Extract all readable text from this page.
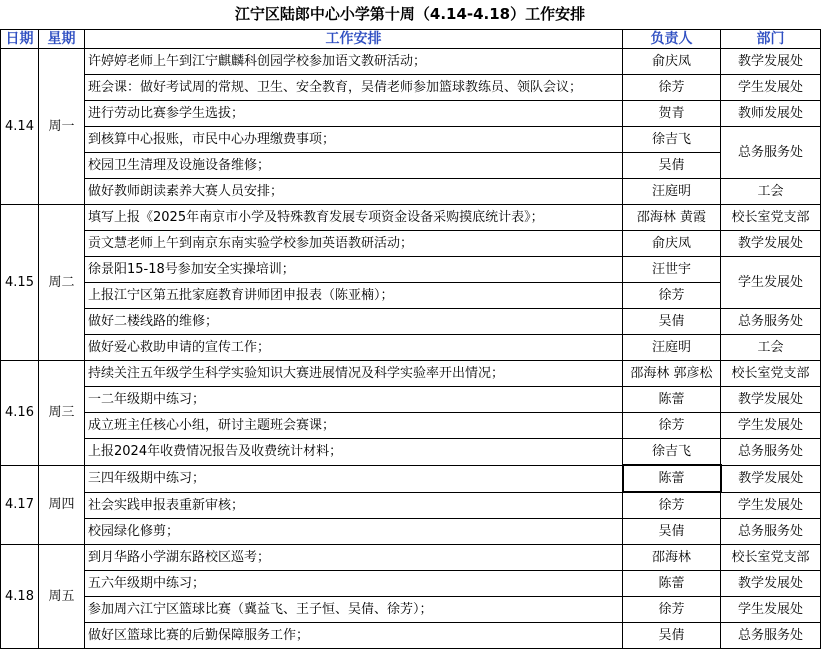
江宁区陆郎中心小学第十周（4.14-4.18）工作安排
日期	星期	工作安排	负责人	部门
4.14	周一	许婷婷老师上午到江宁麒麟科创园学校参加语文教研活动；	俞庆凤	教学发展处
		班会课：做好考试周的常规、卫生、安全教育，吴倩老师参加篮球教练员、领队会议；	徐芳	学生发展处
		进行劳动比赛参学生选拔；	贺青	教师发展处
		到核算中心报账，市民中心办理缴费事项；	徐吉飞	总务服务处
		校园卫生清理及设施设备维修；	吴倩	
		做好教师朗读素养大赛人员安排；	汪庭明	工会
4.15	周二	填写上报《2025年南京市小学及特殊教育发展专项资金设备采购摸底统计表》；	邵海林 黄霞	校长室党支部
		贡文慧老师上午到南京东南实验学校参加英语教研活动；	俞庆凤	教学发展处
		徐景阳15-18号参加安全实操培训；	汪世宇	学生发展处
		上报江宁区第五批家庭教育讲师团申报表（陈亚楠）；	徐芳	
		做好二楼线路的维修；	吴倩	总务服务处
		做好爱心救助申请的宣传工作；	汪庭明	工会
4.16	周三	持续关注五年级学生科学实验知识大赛进展情况及科学实验率开出情况；	邵海林 郭彦松	校长室党支部
		一二年级期中练习；	陈蕾	教学发展处
		成立班主任核心小组，研讨主题班会赛课；	徐芳	学生发展处
		上报2024年收费情况报告及收费统计材料；	徐吉飞	总务服务处
4.17	周四	三四年级期中练习；	陈蕾	教学发展处
		社会实践申报表重新审核；	徐芳	学生发展处
		校园绿化修剪；	吴倩	总务服务处
4.18	周五	到月华路小学湖东路校区巡考；	邵海林	校长室党支部
		五六年级期中练习；	陈蕾	教学发展处
		参加周六江宁区篮球比赛（冀益飞、王子恒、吴倩、徐芳）；	徐芳	学生发展处
		做好区篮球比赛的后勤保障服务工作；	吴倩	总务服务处
